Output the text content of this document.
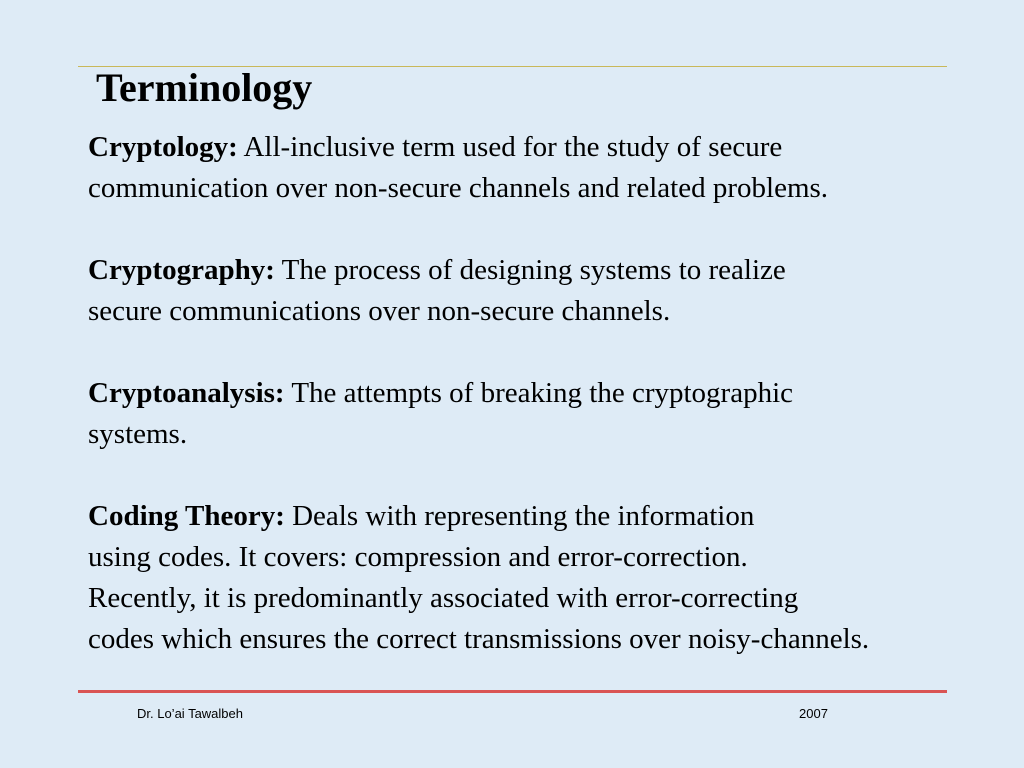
Terminology
Cryptology: All-inclusive term used for the study of secure
communication over non-secure channels and related problems.
Cryptography: The process of designing systems to realize
secure communications over non-secure channels.
Cryptoanalysis: The attempts of breaking the cryptographic
systems.
Coding Theory: Deals with representing the information
using codes. It covers: compression and error-correction.
Recently, it is predominantly associated with error-correcting
codes which ensures the correct transmissions over noisy-channels.
Dr. Lo’ai Tawalbeh	2007
